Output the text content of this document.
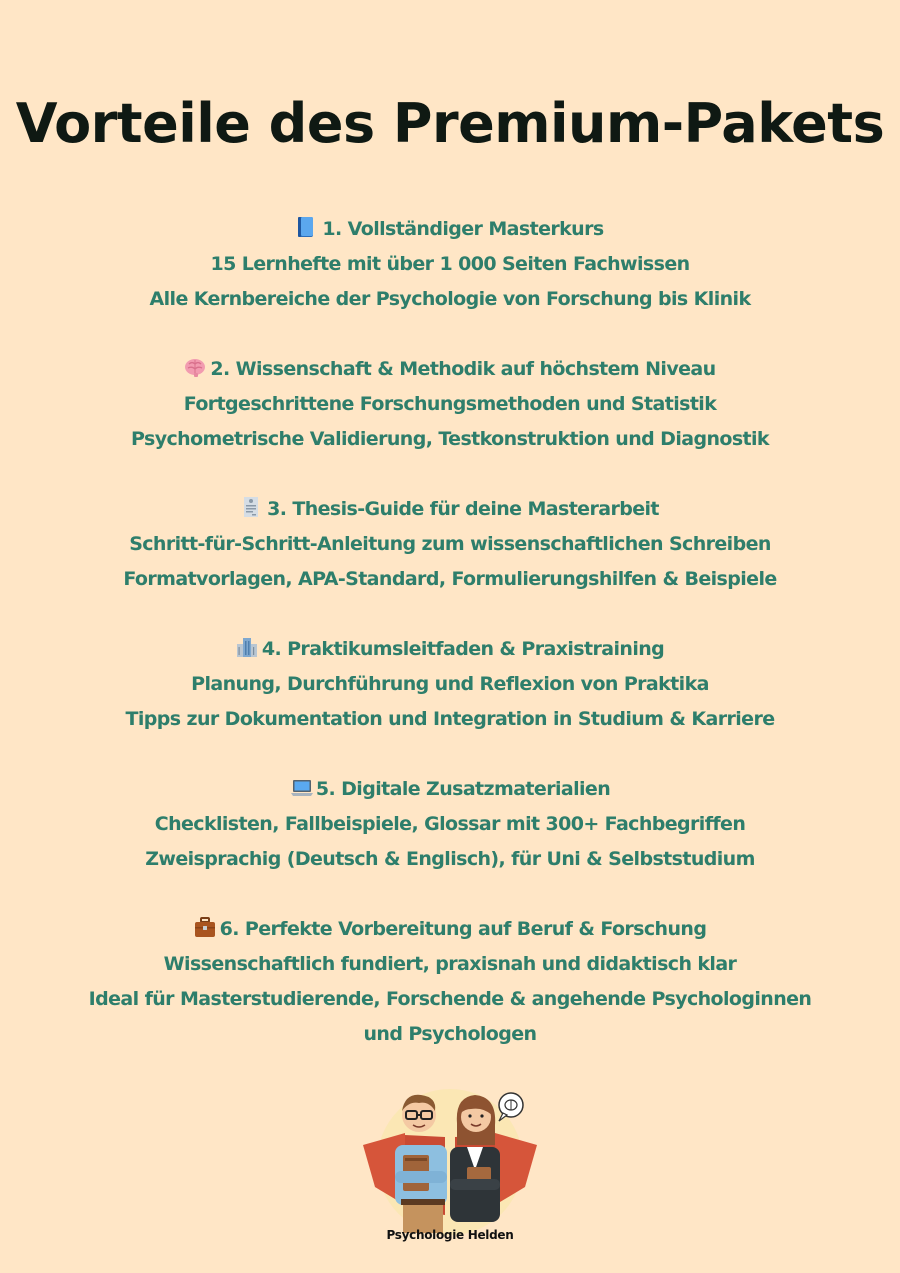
Vorteile des Premium-Pakets
1. Vollständiger Masterkurs
15 Lernhefte mit über 1 000 Seiten Fachwissen
Alle Kernbereiche der Psychologie von Forschung bis Klinik
2. Wissenschaft & Methodik auf höchstem Niveau
Fortgeschrittene Forschungsmethoden und Statistik
Psychometrische Validierung, Testkonstruktion und Diagnostik
3. Thesis-Guide für deine Masterarbeit
Schritt-für-Schritt-Anleitung zum wissenschaftlichen Schreiben
Formatvorlagen, APA-Standard, Formulierungshilfen & Beispiele
4. Praktikumsleitfaden & Praxistraining
Planung, Durchführung und Reflexion von Praktika
Tipps zur Dokumentation und Integration in Studium & Karriere
5. Digitale Zusatzmaterialien
Checklisten, Fallbeispiele, Glossar mit 300+ Fachbegriffen
Zweisprachig (Deutsch & Englisch), für Uni & Selbststudium
6. Perfekte Vorbereitung auf Beruf & Forschung
Wissenschaftlich fundiert, praxisnah und didaktisch klar
Ideal für Masterstudierende, Forschende & angehende Psychologinnen und Psychologen
Psychologie Helden
